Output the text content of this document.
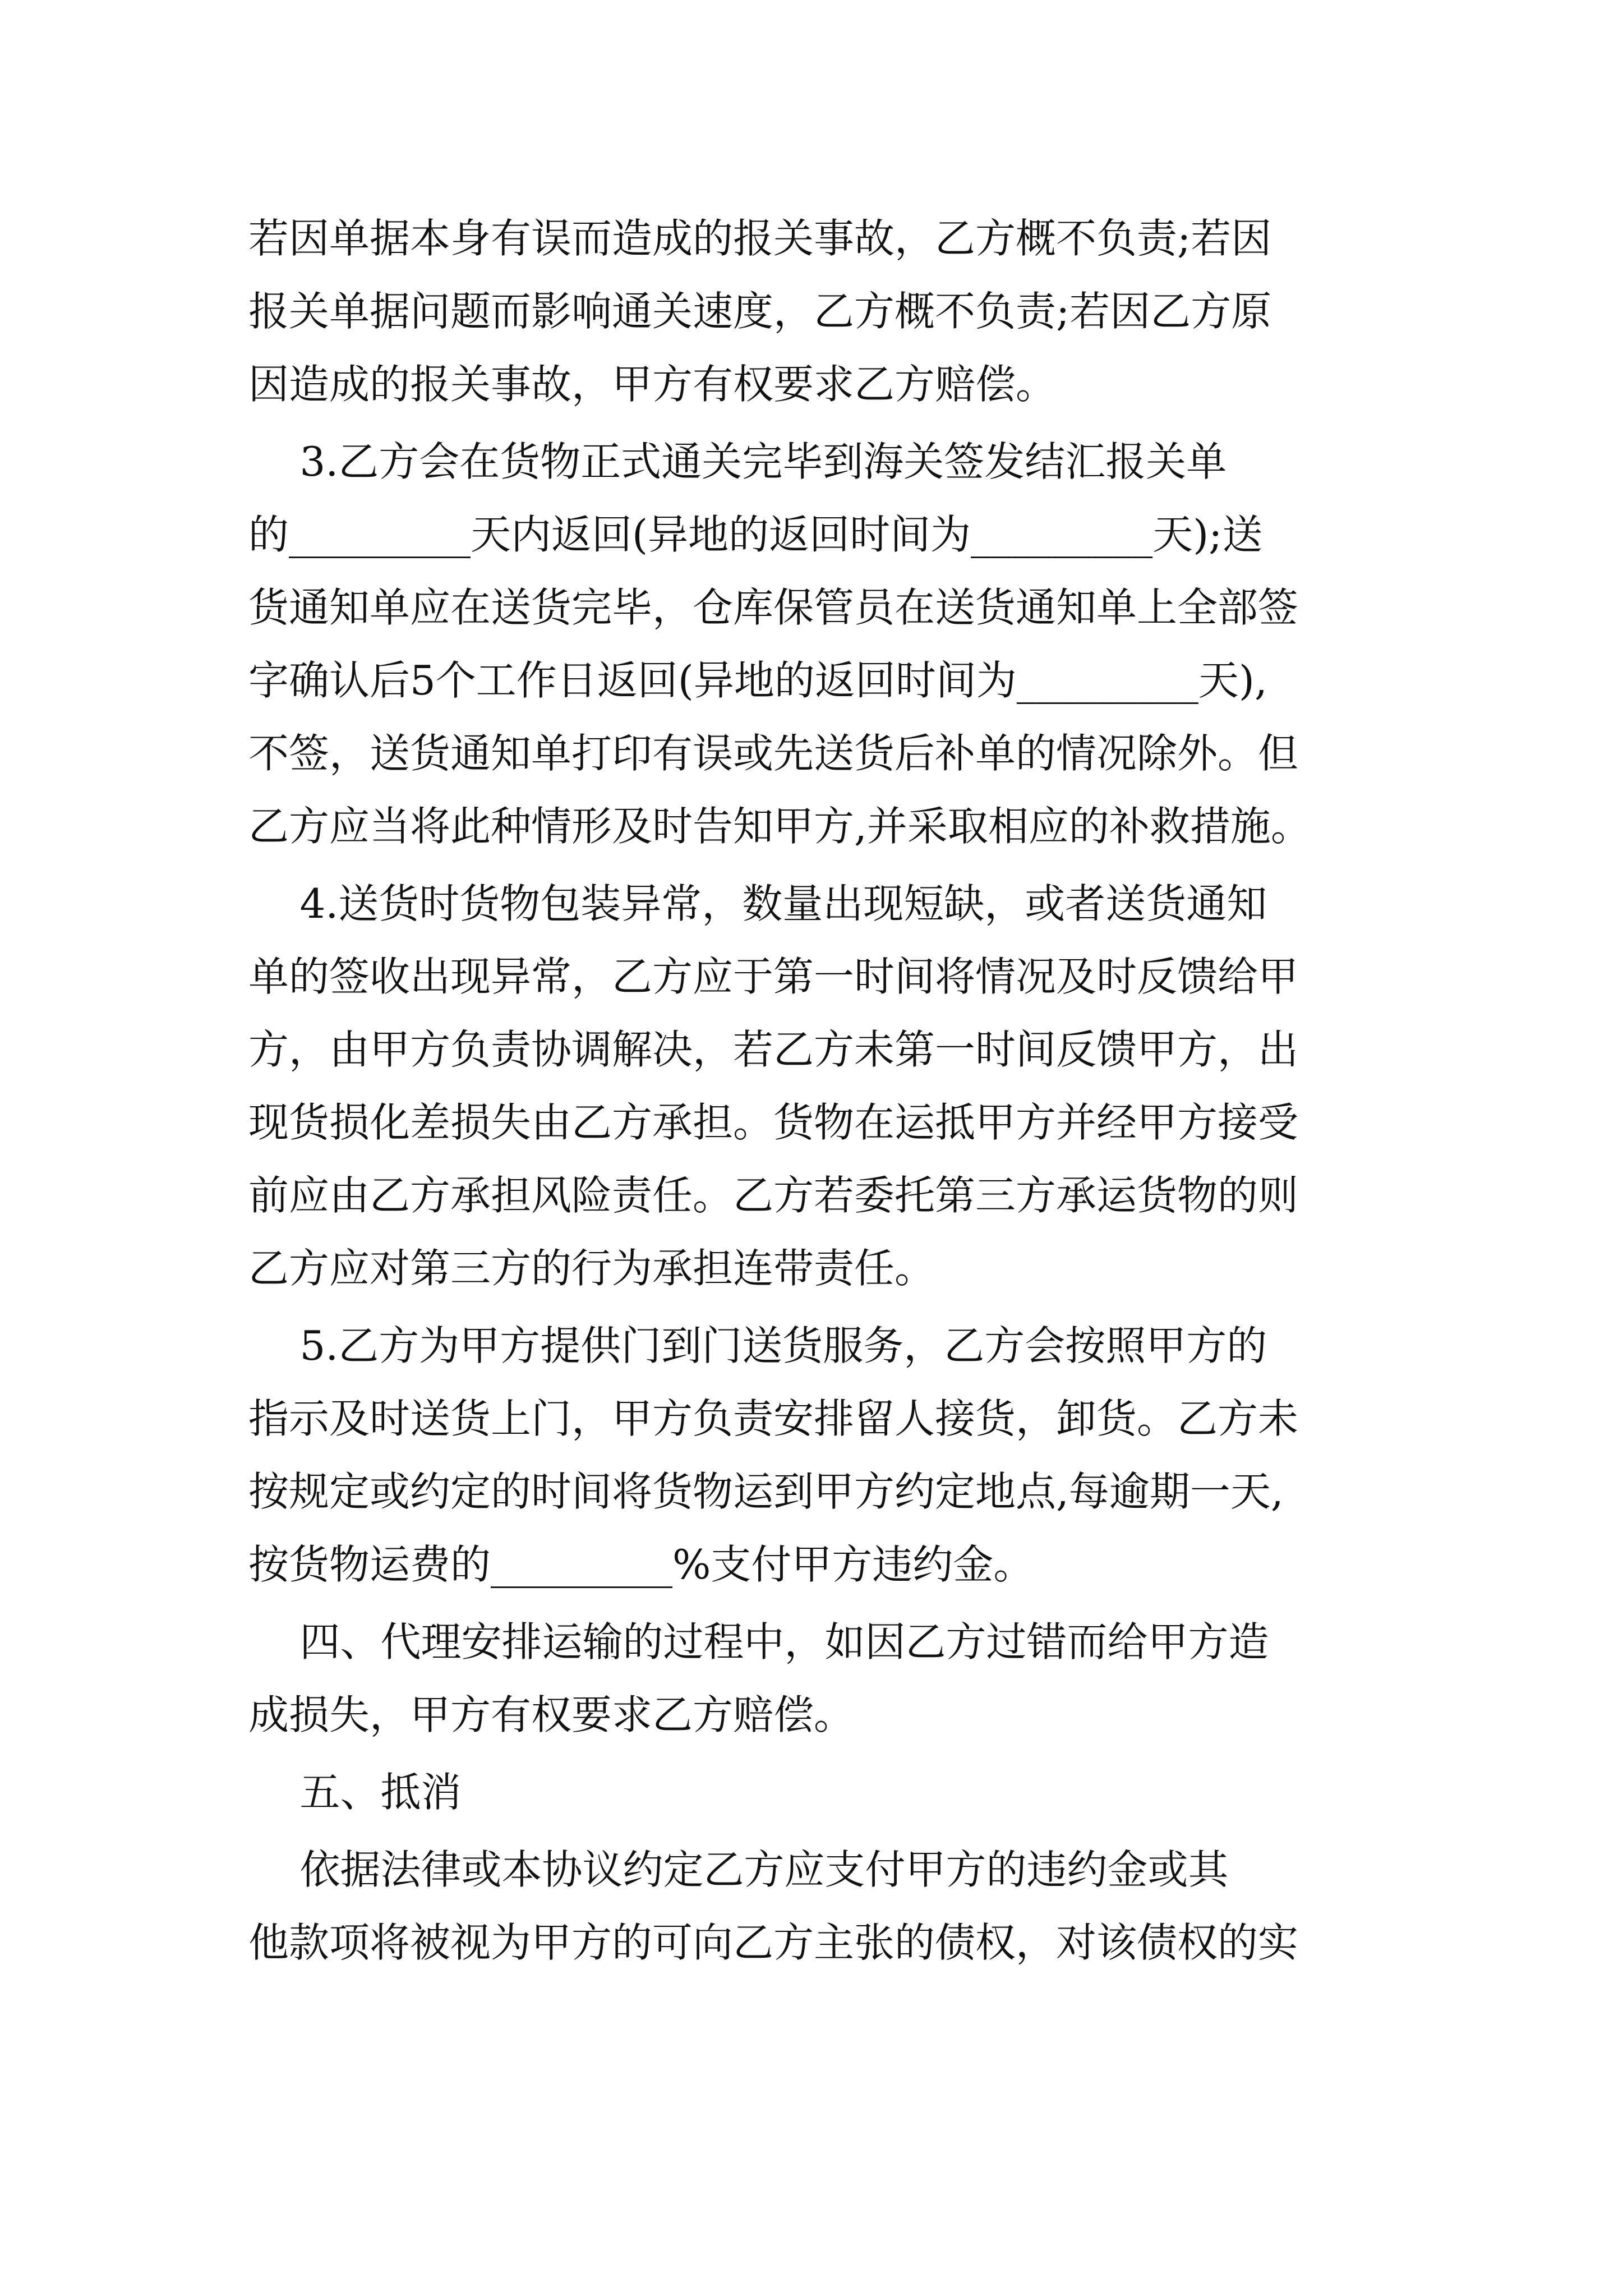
若因单据本身有误而造成的报关事故，乙方概不负责;若因
报关单据问题而影响通关速度，乙方概不负责;若因乙方原
因造成的报关事故，甲方有权要求乙方赔偿。
3.乙方会在货物正式通关完毕到海关签发结汇报关单
的_________天内返回(异地的返回时间为_________天);送
货通知单应在送货完毕，仓库保管员在送货通知单上全部签
字确认后5个工作日返回(异地的返回时间为_________天),
不签，送货通知单打印有误或先送货后补单的情况除外。但
乙方应当将此种情形及时告知甲方,并采取相应的补救措施。
4.送货时货物包装异常，数量出现短缺，或者送货通知
单的签收出现异常，乙方应于第一时间将情况及时反馈给甲
方，由甲方负责协调解决，若乙方未第一时间反馈甲方，出
现货损化差损失由乙方承担。货物在运抵甲方并经甲方接受
前应由乙方承担风险责任。乙方若委托第三方承运货物的则
乙方应对第三方的行为承担连带责任。
5.乙方为甲方提供门到门送货服务，乙方会按照甲方的
指示及时送货上门，甲方负责安排留人接货，卸货。乙方未
按规定或约定的时间将货物运到甲方约定地点,每逾期一天,
按货物运费的_________%支付甲方违约金。
四、代理安排运输的过程中，如因乙方过错而给甲方造
成损失，甲方有权要求乙方赔偿。
五、抵消
依据法律或本协议约定乙方应支付甲方的违约金或其
他款项将被视为甲方的可向乙方主张的债权，对该债权的实
